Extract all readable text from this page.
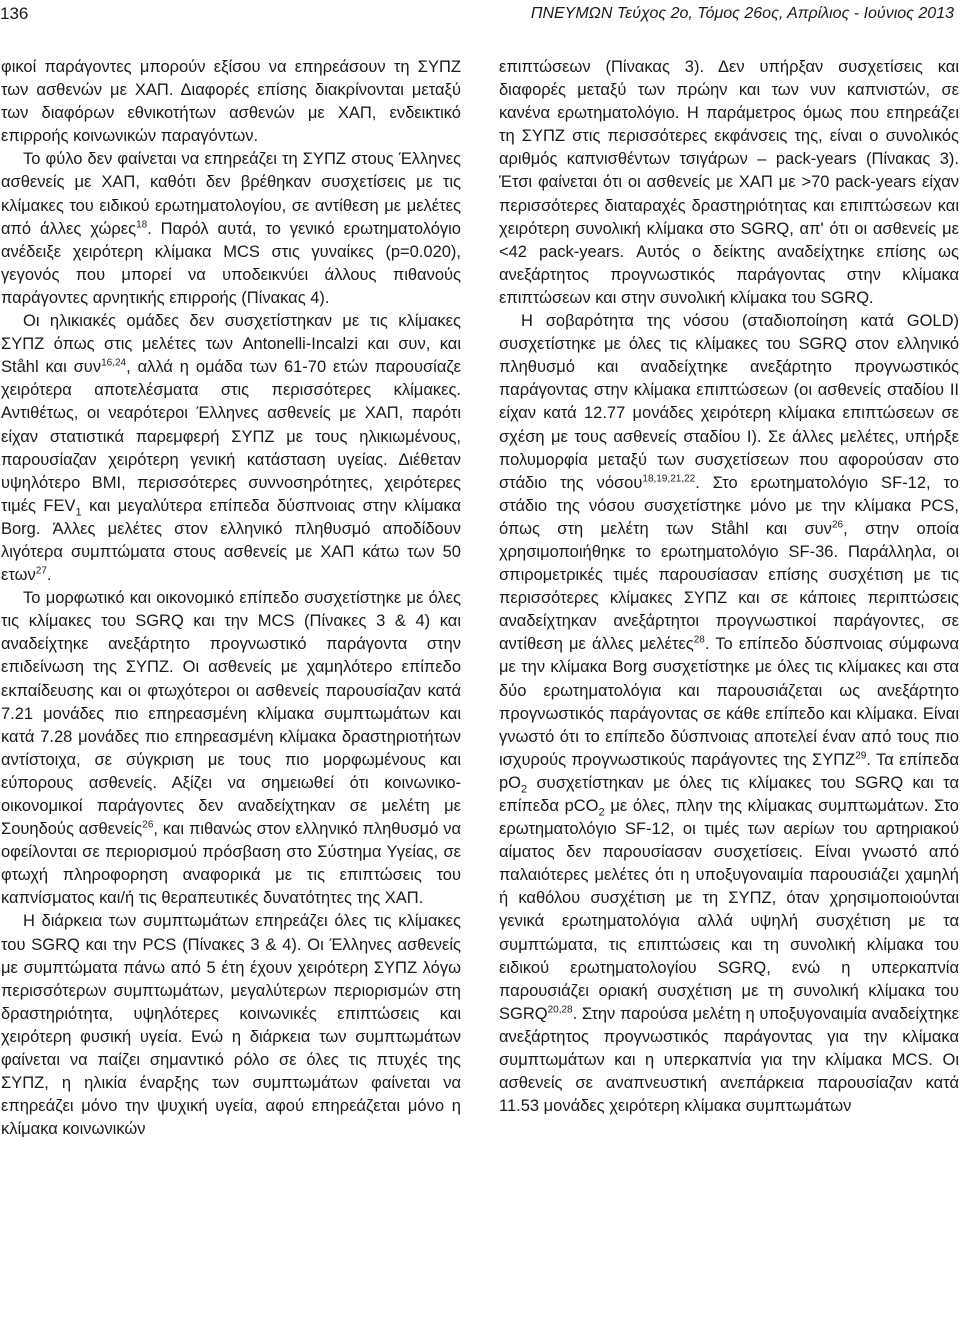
136	ΠΝΕΥΜΩΝ Τεύχος 2ο, Τόμος 26ος, Απρίλιος - Ιούνιος 2013

φικοί παράγοντες μπορούν εξίσου να επηρεάσουν τη ΣΥΠΖ των ασθενών με ΧΑΠ. Διαφορές επίσης διακρίνονται μεταξύ των διαφόρων εθνικοτήτων ασθενών με ΧΑΠ, ενδεικτικό επιρροής κοινωνικών παραγόντων.

Το φύλο δεν φαίνεται να επηρεάζει τη ΣΥΠΖ στους Έλληνες ασθενείς με ΧΑΠ, καθότι δεν βρέθηκαν συσχετίσεις με τις κλίμακες του ειδικού ερωτηματολογίου, σε αντίθεση με μελέτες από άλλες χώρες$^{18}$. Παρόλ αυτά, το γενικό ερωτηματολόγιο ανέδειξε χειρότερη κλίμακα MCS στις γυναίκες (p=0.020), γεγονός που μπορεί να υποδεικνύει άλλους πιθανούς παράγοντες αρνητικής επιρροής (Πίνακας 4).

Οι ηλικιακές ομάδες δεν συσχετίστηκαν με τις κλίμακες ΣΥΠΖ όπως στις μελέτες των Antonelli-Incalzi και συν, και Ståhl και συν$^{16,24}$, αλλά η ομάδα των 61-70 ετών παρουσίαζε χειρότερα αποτελέσματα στις περισσότερες κλίμακες. Αντιθέτως, οι νεαρότεροι Έλληνες ασθενείς με ΧΑΠ, παρότι είχαν στατιστικά παρεμφερή ΣΥΠΖ με τους ηλικιωμένους, παρουσίαζαν χειρότερη γενική κατάσταση υγείας. Διέθεταν υψηλότερο BMI, περισσότερες συννοσηρότητες, χειρότερες τιμές $FEV_1$ και μεγαλύτερα επίπεδα δύσπνοιας στην κλίμακα Borg. Άλλες μελέτες στον ελληνικό πληθυσμό αποδίδουν λιγότερα συμπτώματα στους ασθενείς με ΧΑΠ κάτω των 50 ετων$^{27}$.

Το μορφωτικό και οικονομικό επίπεδο συσχετίστηκε με όλες τις κλίμακες του SGRQ και την MCS (Πίνακες 3 & 4) και αναδείχτηκε ανεξάρτητο προγνωστικό παράγοντα στην επιδείνωση της ΣΥΠΖ. Οι ασθενείς με χαμηλότερο επίπεδο εκπαίδευσης και οι φτωχότεροι οι ασθενείς παρουσίαζαν κατά 7.21 μονάδες πιο επηρεασμένη κλίμακα συμπτωμάτων και κατά 7.28 μονάδες πιο επηρεασμένη κλίμακα δραστηριοτήτων αντίστοιχα, σε σύγκριση με τους πιο μορφωμένους και εύπορους ασθενείς. Αξίζει να σημειωθεί ότι κοινωνικο-οικονομικοί παράγοντες δεν αναδείχτηκαν σε μελέτη με Σουηδούς ασθενείς$^{26}$, και πιθανώς στον ελληνικό πληθυσμό να οφείλονται σε περιορισμού πρόσβαση στο Σύστημα Υγείας, σε φτωχή πληροφορηση αναφορικά με τις επιπτώσεις του καπνίσματος και/ή τις θεραπευτικές δυνατότητες της ΧΑΠ.

Η διάρκεια των συμπτωμάτων επηρεάζει όλες τις κλίμακες του SGRQ και την PCS (Πίνακες 3 & 4). Οι Έλληνες ασθενείς με συμπτώματα πάνω από 5 έτη έχουν χειρότερη ΣΥΠΖ λόγω περισσότερων συμπτωμάτων, μεγαλύτερων περιορισμών στη δραστηριότητα, υψηλότερες κοινωνικές επιπτώσεις και χειρότερη φυσική υγεία. Ενώ η διάρκεια των συμπτωμάτων φαίνεται να παίζει σημαντικό ρόλο σε όλες τις πτυχές της ΣΥΠΖ, η ηλικία έναρξης των συμπτωμάτων φαίνεται να επηρεάζει μόνο την ψυχική υγεία, αφού επηρεάζεται μόνο η κλίμακα κοινωνικών

επιπτώσεων (Πίνακας 3). Δεν υπήρξαν συσχετίσεις και διαφορές μεταξύ των πρώην και των νυν καπνιστών, σε κανένα ερωτηματολόγιο. Η παράμετρος όμως που επηρεάζει τη ΣΥΠΖ στις περισσότερες εκφάνσεις της, είναι ο συνολικός αριθμός καπνισθέντων τσιγάρων – pack-years (Πίνακας 3). Έτσι φαίνεται ότι οι ασθενείς με ΧΑΠ με >70 pack-years είχαν περισσότερες διαταραχές δραστηριότητας και επιπτώσεων και χειρότερη συνολική κλίμακα στο SGRQ, απ' ότι οι ασθενείς με <42 pack-years. Αυτός ο δείκτης αναδείχτηκε επίσης ως ανεξάρτητος προγνωστικός παράγοντας στην κλίμακα επιπτώσεων και στην συνολική κλίμακα του SGRQ.

Η σοβαρότητα της νόσου (σταδιοποίηση κατά GOLD) συσχετίστηκε με όλες τις κλίμακες του SGRQ στον ελληνικό πληθυσμό και αναδείχτηκε ανεξάρτητο προγνωστικός παράγοντας στην κλίμακα επιπτώσεων (οι ασθενείς σταδίου II είχαν κατά 12.77 μονάδες χειρότερη κλίμακα επιπτώσεων σε σχέση με τους ασθενείς σταδίου I). Σε άλλες μελέτες, υπήρξε πολυμορφία μεταξύ των συσχετίσεων που αφορούσαν στο στάδιο της νόσου$^{18,19,21,22}$. Στο ερωτηματολόγιο SF-12, το στάδιο της νόσου συσχετίστηκε μόνο με την κλίμακα PCS, όπως στη μελέτη των Ståhl και συν$^{26}$, στην οποία χρησιμοποιήθηκε το ερωτηματολόγιο SF-36. Παράλληλα, οι σπιρομετρικές τιμές παρουσίασαν επίσης συσχέτιση με τις περισσότερες κλίμακες ΣΥΠΖ και σε κάποιες περιπτώσεις αναδείχτηκαν ανεξάρτητοι προγνωστικοί παράγοντες, σε αντίθεση με άλλες μελέτες$^{28}$. Το επίπεδο δύσπνοιας σύμφωνα με την κλίμακα Borg συσχετίστηκε με όλες τις κλίμακες και στα δύο ερωτηματολόγια και παρουσιάζεται ως ανεξάρτητο προγνωστικός παράγοντας σε κάθε επίπεδο και κλίμακα. Είναι γνωστό ότι το επίπεδο δύσπνοιας αποτελεί έναν από τους πιο ισχυρούς προγνωστικούς παράγοντες της ΣΥΠΖ$^{29}$. Τα επίπεδα $pO_2$ συσχετίστηκαν με όλες τις κλίμακες του SGRQ και τα επίπεδα pCO$_2$ με όλες, πλην της κλίμακας συμπτωμάτων. Στο ερωτηματολόγιο SF-12, οι τιμές των αερίων του αρτηριακού αίματος δεν παρουσίασαν συσχετίσεις. Είναι γνωστό από παλαιότερες μελέτες ότι η υποξυγοναιμία παρουσιάζει χαμηλή ή καθόλου συσχέτιση με τη ΣΥΠΖ, όταν χρησιμοποιούνται γενικά ερωτηματολόγια αλλά υψηλή συσχέτιση με τα συμπτώματα, τις επιπτώσεις και τη συνολική κλίμακα του ειδικού ερωτηματολογίου SGRQ, ενώ η υπερκαπνία παρουσιάζει οριακή συσχέτιση με τη συνολική κλίμακα του SGRQ$^{20,28}$. Στην παρούσα μελέτη η υποξυγοναιμία αναδείχτηκε ανεξάρτητος προγνωστικός παράγοντας για την κλίμακα συμπτωμάτων και η υπερκαπνία για την κλίμακα MCS. Οι ασθενείς σε αναπνευστική ανεπάρκεια παρουσίαζαν κατά 11.53 μονάδες χειρότερη κλίμακα συμπτωμάτων
